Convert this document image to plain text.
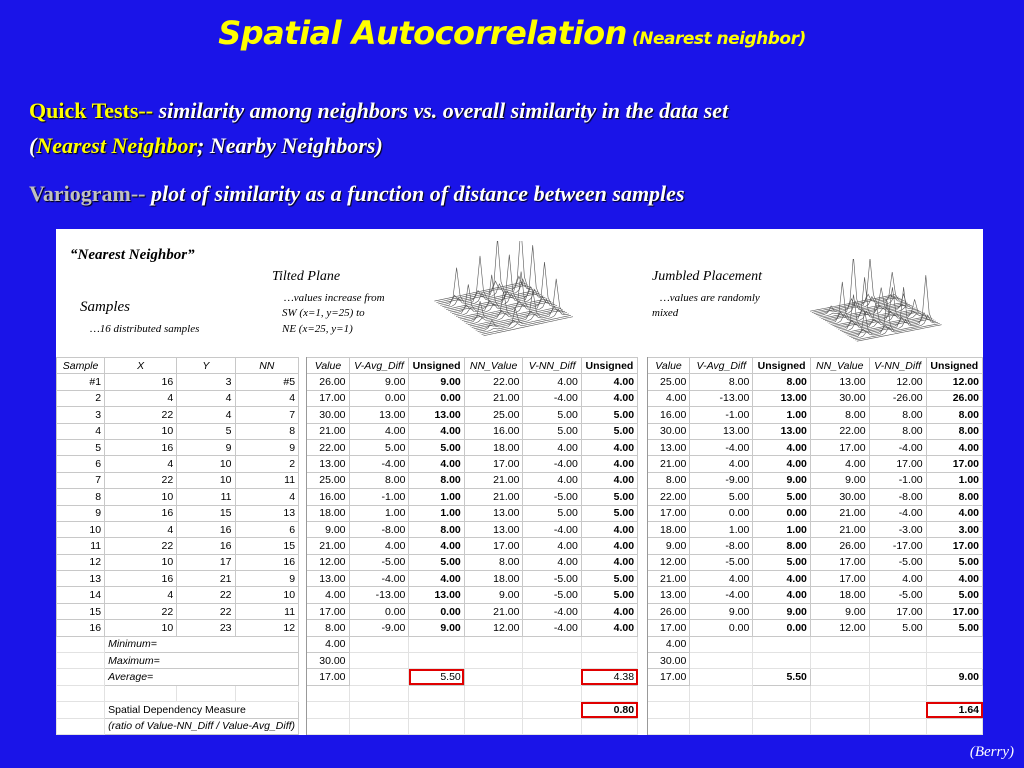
Spatial Autocorrelation (Nearest neighbor)
Quick Tests-- similarity among neighbors vs. overall similarity in the data set
(Nearest Neighbor; Nearby Neighbors)
Variogram-- plot of similarity as a function of distance between samples
“Nearest Neighbor”
Samples
…16 distributed samples
Tilted Plane
…values increase from
SW (x=1, y=25) to
NE (x=25, y=1)
Jumbled Placement
…values are randomly
mixed
Sample	X	Y	NN		Value	V-Avg_Diff	Unsigned	NN_Value	V-NN_Diff	Unsigned		Value	V-Avg_Diff	Unsigned	NN_Value	V-NN_Diff	Unsigned
#1	16	3	#5		26.00	9.00	9.00	22.00	4.00	4.00		25.00	8.00	8.00	13.00	12.00	12.00
2	4	4	4		17.00	0.00	0.00	21.00	-4.00	4.00		4.00	-13.00	13.00	30.00	-26.00	26.00
3	22	4	7		30.00	13.00	13.00	25.00	5.00	5.00		16.00	-1.00	1.00	8.00	8.00	8.00
4	10	5	8		21.00	4.00	4.00	16.00	5.00	5.00		30.00	13.00	13.00	22.00	8.00	8.00
5	16	9	9		22.00	5.00	5.00	18.00	4.00	4.00		13.00	-4.00	4.00	17.00	-4.00	4.00
6	4	10	2		13.00	-4.00	4.00	17.00	-4.00	4.00		21.00	4.00	4.00	4.00	17.00	17.00
7	22	10	11		25.00	8.00	8.00	21.00	4.00	4.00		8.00	-9.00	9.00	9.00	-1.00	1.00
8	10	11	4		16.00	-1.00	1.00	21.00	-5.00	5.00		22.00	5.00	5.00	30.00	-8.00	8.00
9	16	15	13		18.00	1.00	1.00	13.00	5.00	5.00		17.00	0.00	0.00	21.00	-4.00	4.00
10	4	16	6		9.00	-8.00	8.00	13.00	-4.00	4.00		18.00	1.00	1.00	21.00	-3.00	3.00
11	22	16	15		21.00	4.00	4.00	17.00	4.00	4.00		9.00	-8.00	8.00	26.00	-17.00	17.00
12	10	17	16		12.00	-5.00	5.00	8.00	4.00	4.00		12.00	-5.00	5.00	17.00	-5.00	5.00
13	16	21	9		13.00	-4.00	4.00	18.00	-5.00	5.00		21.00	4.00	4.00	17.00	4.00	4.00
14	4	22	10		4.00	-13.00	13.00	9.00	-5.00	5.00		13.00	-4.00	4.00	18.00	-5.00	5.00
15	22	22	11		17.00	0.00	0.00	21.00	-4.00	4.00		26.00	9.00	9.00	9.00	17.00	17.00
16	10	23	12		8.00	-9.00	9.00	12.00	-4.00	4.00		17.00	0.00	0.00	12.00	5.00	5.00
	Minimum=				4.00							4.00					
	Maximum=				30.00							30.00					
	Average=				17.00		5.50			4.38		17.00		5.50			9.00

	Spatial Dependency Measure									0.80							1.64
	(ratio of Value-NN_Diff / Value-Avg_Diff)																
(Berry)
